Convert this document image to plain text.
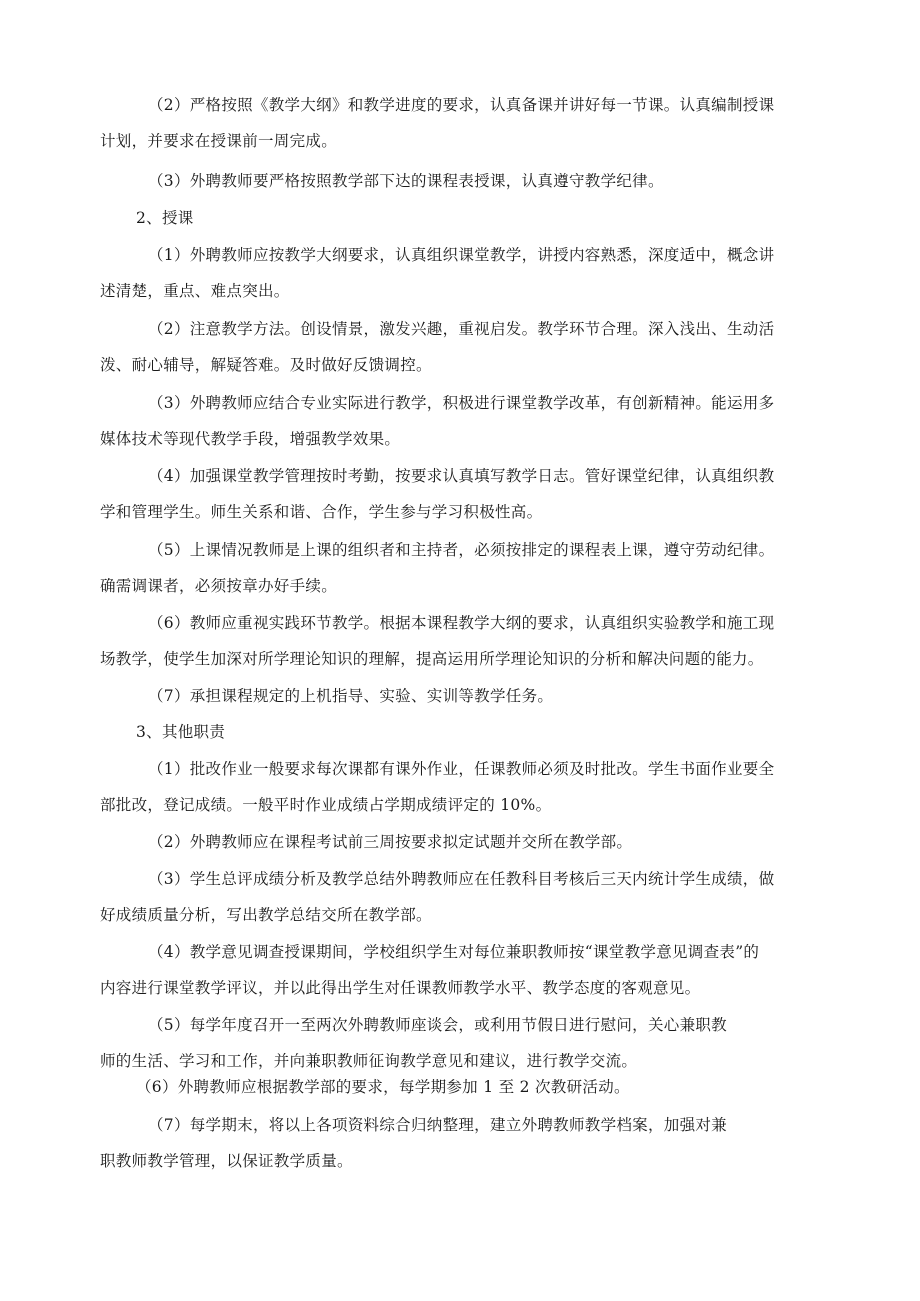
（2）严格按照《教学大纲》和教学进度的要求，认真备课并讲好每一节课。认真编制授课
计划，并要求在授课前一周完成。
（3）外聘教师要严格按照教学部下达的课程表授课，认真遵守教学纪律。
2、授课
（1）外聘教师应按教学大纲要求，认真组织课堂教学，讲授内容熟悉，深度适中，概念讲
述清楚，重点、难点突出。
（2）注意教学方法。创设情景，激发兴趣，重视启发。教学环节合理。深入浅出、生动活
泼、耐心辅导，解疑答难。及时做好反馈调控。
（3）外聘教师应结合专业实际进行教学，积极进行课堂教学改革，有创新精神。能运用多
媒体技术等现代教学手段，增强教学效果。
（4）加强课堂教学管理按时考勤，按要求认真填写教学日志。管好课堂纪律，认真组织教
学和管理学生。师生关系和谐、合作，学生参与学习积极性高。
（5）上课情况教师是上课的组织者和主持者，必须按排定的课程表上课，遵守劳动纪律。
确需调课者，必须按章办好手续。
（6）教师应重视实践环节教学。根据本课程教学大纲的要求，认真组织实验教学和施工现
场教学，使学生加深对所学理论知识的理解，提高运用所学理论知识的分析和解决问题的能力。
（7）承担课程规定的上机指导、实验、实训等教学任务。
3、其他职责
（1）批改作业一般要求每次课都有课外作业，任课教师必须及时批改。学生书面作业要全
部批改，登记成绩。一般平时作业成绩占学期成绩评定的 10%。
（2）外聘教师应在课程考试前三周按要求拟定试题并交所在教学部。
（3）学生总评成绩分析及教学总结外聘教师应在任教科目考核后三天内统计学生成绩，做
好成绩质量分析，写出教学总结交所在教学部。
（4）教学意见调查授课期间，学校组织学生对每位兼职教师按“课堂教学意见调查表”的
内容进行课堂教学评议，并以此得出学生对任课教师教学水平、教学态度的客观意见。
（5）每学年度召开一至两次外聘教师座谈会，或利用节假日进行慰问，关心兼职教
师的生活、学习和工作，并向兼职教师征询教学意见和建议，进行教学交流。
（6）外聘教师应根据教学部的要求，每学期参加 1 至 2 次教研活动。
（7）每学期末，将以上各项资料综合归纳整理，建立外聘教师教学档案，加强对兼
职教师教学管理，以保证教学质量。
